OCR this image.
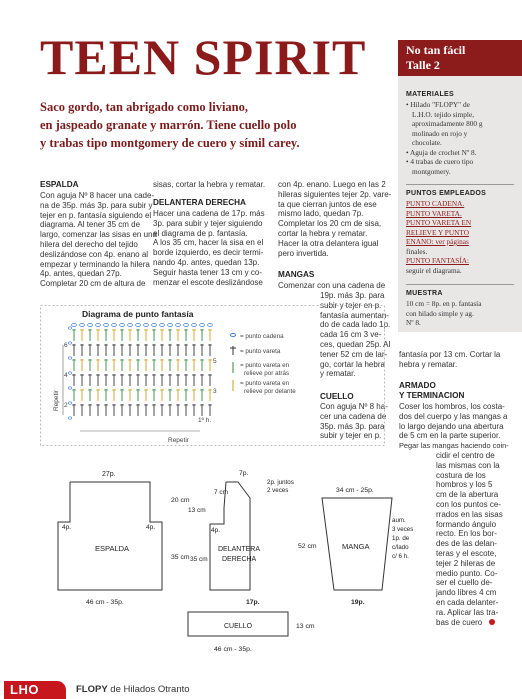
TEEN SPIRIT
Saco gordo, tan abrigado como liviano,
en jaspeado granate y marrón. Tiene cuello polo
y trabas tipo montgomery de cuero y símil carey.
No tan fácil
Talle 2
MATERIALES
• Hilado "FLOPY" de
L.H.O. tejido simple,
aproximadamente 800 g
molinado en rojo y
chocolate.
• Aguja de crochet Nº 8.
• 4 trabas de cuero tipo
montgomery.
PUNTOS EMPLEADOS
PUNTO CADENA.
PUNTO VARETA.
PUNTO VARETA EN
RELIEVE Y PUNTO
ENANO: ver páginas
finales.
PUNTO FANTASÍA:
seguir el diagrama.
MUESTRA
10 cm = 8p. en p. fantasía
con hilado simple y ag.
Nº 8.
ESPALDA
Con aguja Nº 8 hacer una cade-
na de 35p. más 3p. para subir y
tejer en p. fantasía siguiendo el
diagrama. Al tener 35 cm de
largo, comenzar las sisas en una
hilera del derecho del tejido
deslizándose con 4p. enano al
empezar y terminando la hilera
4p. antes, quedan 27p.
Completar 20 cm de altura de
sisas, cortar la hebra y rematar.
DELANTERA DERECHA
Hacer una cadena de 17p. más
3p. para subir y tejer siguiendo
el diagrama de p. fantasía.
A los 35 cm, hacer la sisa en el
borde izquierdo, es decir termi-
nando 4p. antes, quedan 13p.
Seguir hasta tener 13 cm y co-
menzar el escote deslizándose
con 4p. enano. Luego en las 2
hileras siguientes tejer 2p. vare-
ta que cierran juntos de ese
mismo lado, quedan 7p.
Completar los 20 cm de sisa,
cortar la hebra y rematar.
Hacer la otra delantera igual
pero invertida.
MANGAS
Comenzar con una cadena de
19p. más 3p. para
subir y tejer en p.
fantasía aumentan-
do de cada lado 1p.
cada 16 cm 3 ve-
ces, quedan 25p. Al
tener 52 cm de lar-
go, cortar la hebra
y rematar.
CUELLO
Con aguja Nº 8 ha-
cer una cadena de
35p. más 3p. para
subir y tejer en p.
fantasía por 13 cm. Cortar la
hebra y rematar.
ARMADO
Y TERMINACION
Coser los hombros, los costa-
dos del cuerpo y las mangas a
lo largo dejando una abertura
de 5 cm en la parte superior.
Pegar las mangas haciendo coin-
cidir el centro de
las mismas con la
costura de los
hombros y los 5
cm de la abertura
con los puntos ce-
rrados en las sisas
formando ángulo
recto. En los bor-
des de las delan-
teras y el escote,
tejer 2 hileras de
medio punto. Co-
ser el cuello de-
jando libres 4 cm
en cada delanter-
ra. Aplicar las tra-
bas de cuero
= punto cadena
= punto vareta
= punto vareta en
relieve por atrás
= punto vareta en
relieve por delante
Diagrama de punto fantasía
6
5
4
3
2
1º h.
Repetir
Repetir
ESPALDA
27p.
4p.	4p.
20 cm
35 cm
46 cm - 35p.
DELANTERA
DERECHA
7p.
2p. juntos
2 veces
7 cm
13 cm
4p.
35 cm
17p.
MANGA
34 cm - 25p.
52 cm
aum.
3 veces
1p. de
c/lado
c/ 6 h.
19p.
CUELLO	13 cm
46 cm - 35p.
LHO	FLOPY de Hilados Otranto
